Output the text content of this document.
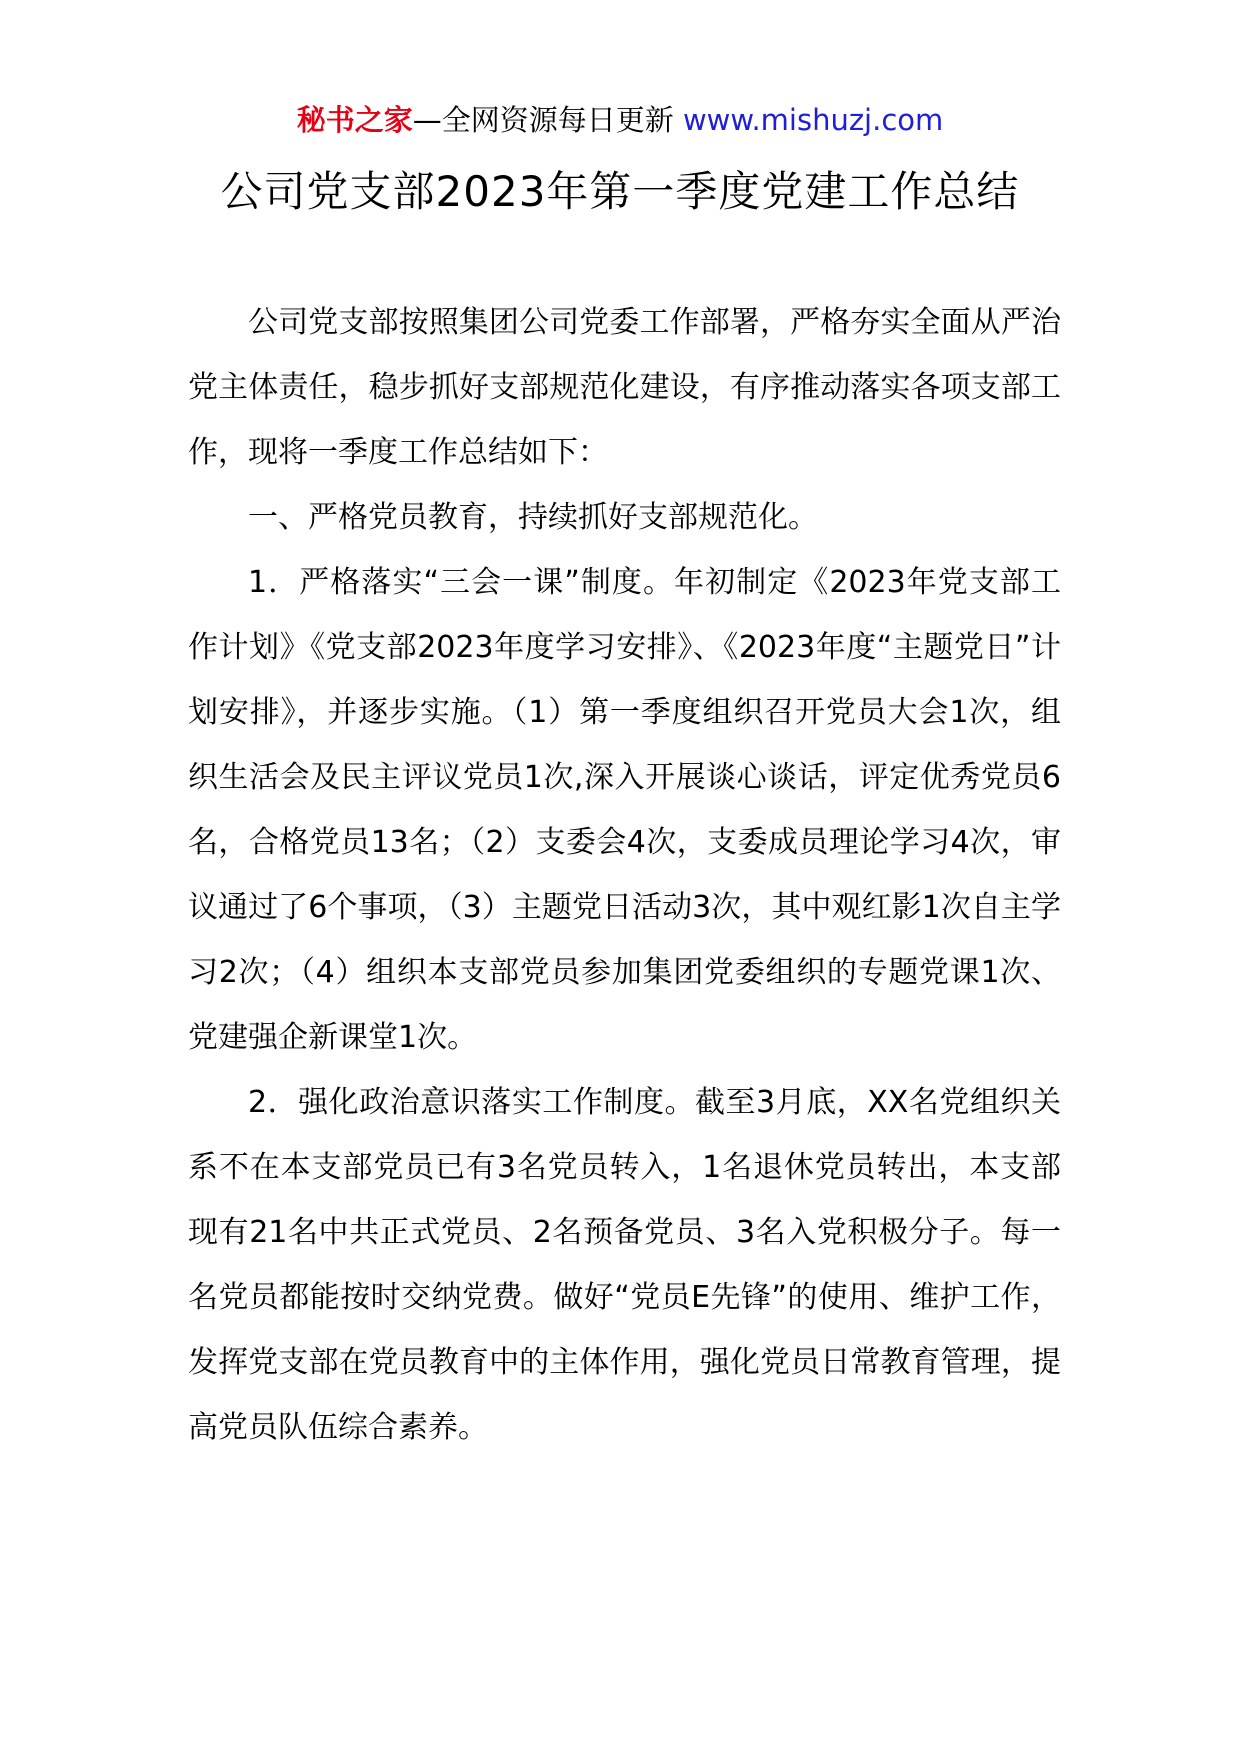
秘书之家—全网资源每日更新 www.mishuzj.com
公司党支部2023年第一季度党建工作总结

公司党支部按照集团公司党委工作部署，严格夯实全面从严治党主体责任，稳步抓好支部规范化建设，有序推动落实各项支部工作，现将一季度工作总结如下：

一、严格党员教育，持续抓好支部规范化。

1．严格落实“三会一课”制度。年初制定《2023年党支部工作计划》《党支部2023年度学习安排》、《2023年度“主题党日”计划安排》，并逐步实施。（1）第一季度组织召开党员大会1次，组织生活会及民主评议党员1次,深入开展谈心谈话，评定优秀党员6名，合格党员13名；（2）支委会4次，支委成员理论学习4次，审议通过了6个事项，（3）主题党日活动3次，其中观红影1次自主学习2次；（4）组织本支部党员参加集团党委组织的专题党课1次、党建强企新课堂1次。

2．强化政治意识落实工作制度。截至3月底，XX名党组织关系不在本支部党员已有3名党员转入，1名退休党员转出，本支部现有21名中共正式党员、2名预备党员、3名入党积极分子。每一名党员都能按时交纳党费。做好“党员E先锋”的使用、维护工作，发挥党支部在党员教育中的主体作用，强化党员日常教育管理，提高党员队伍综合素养。
